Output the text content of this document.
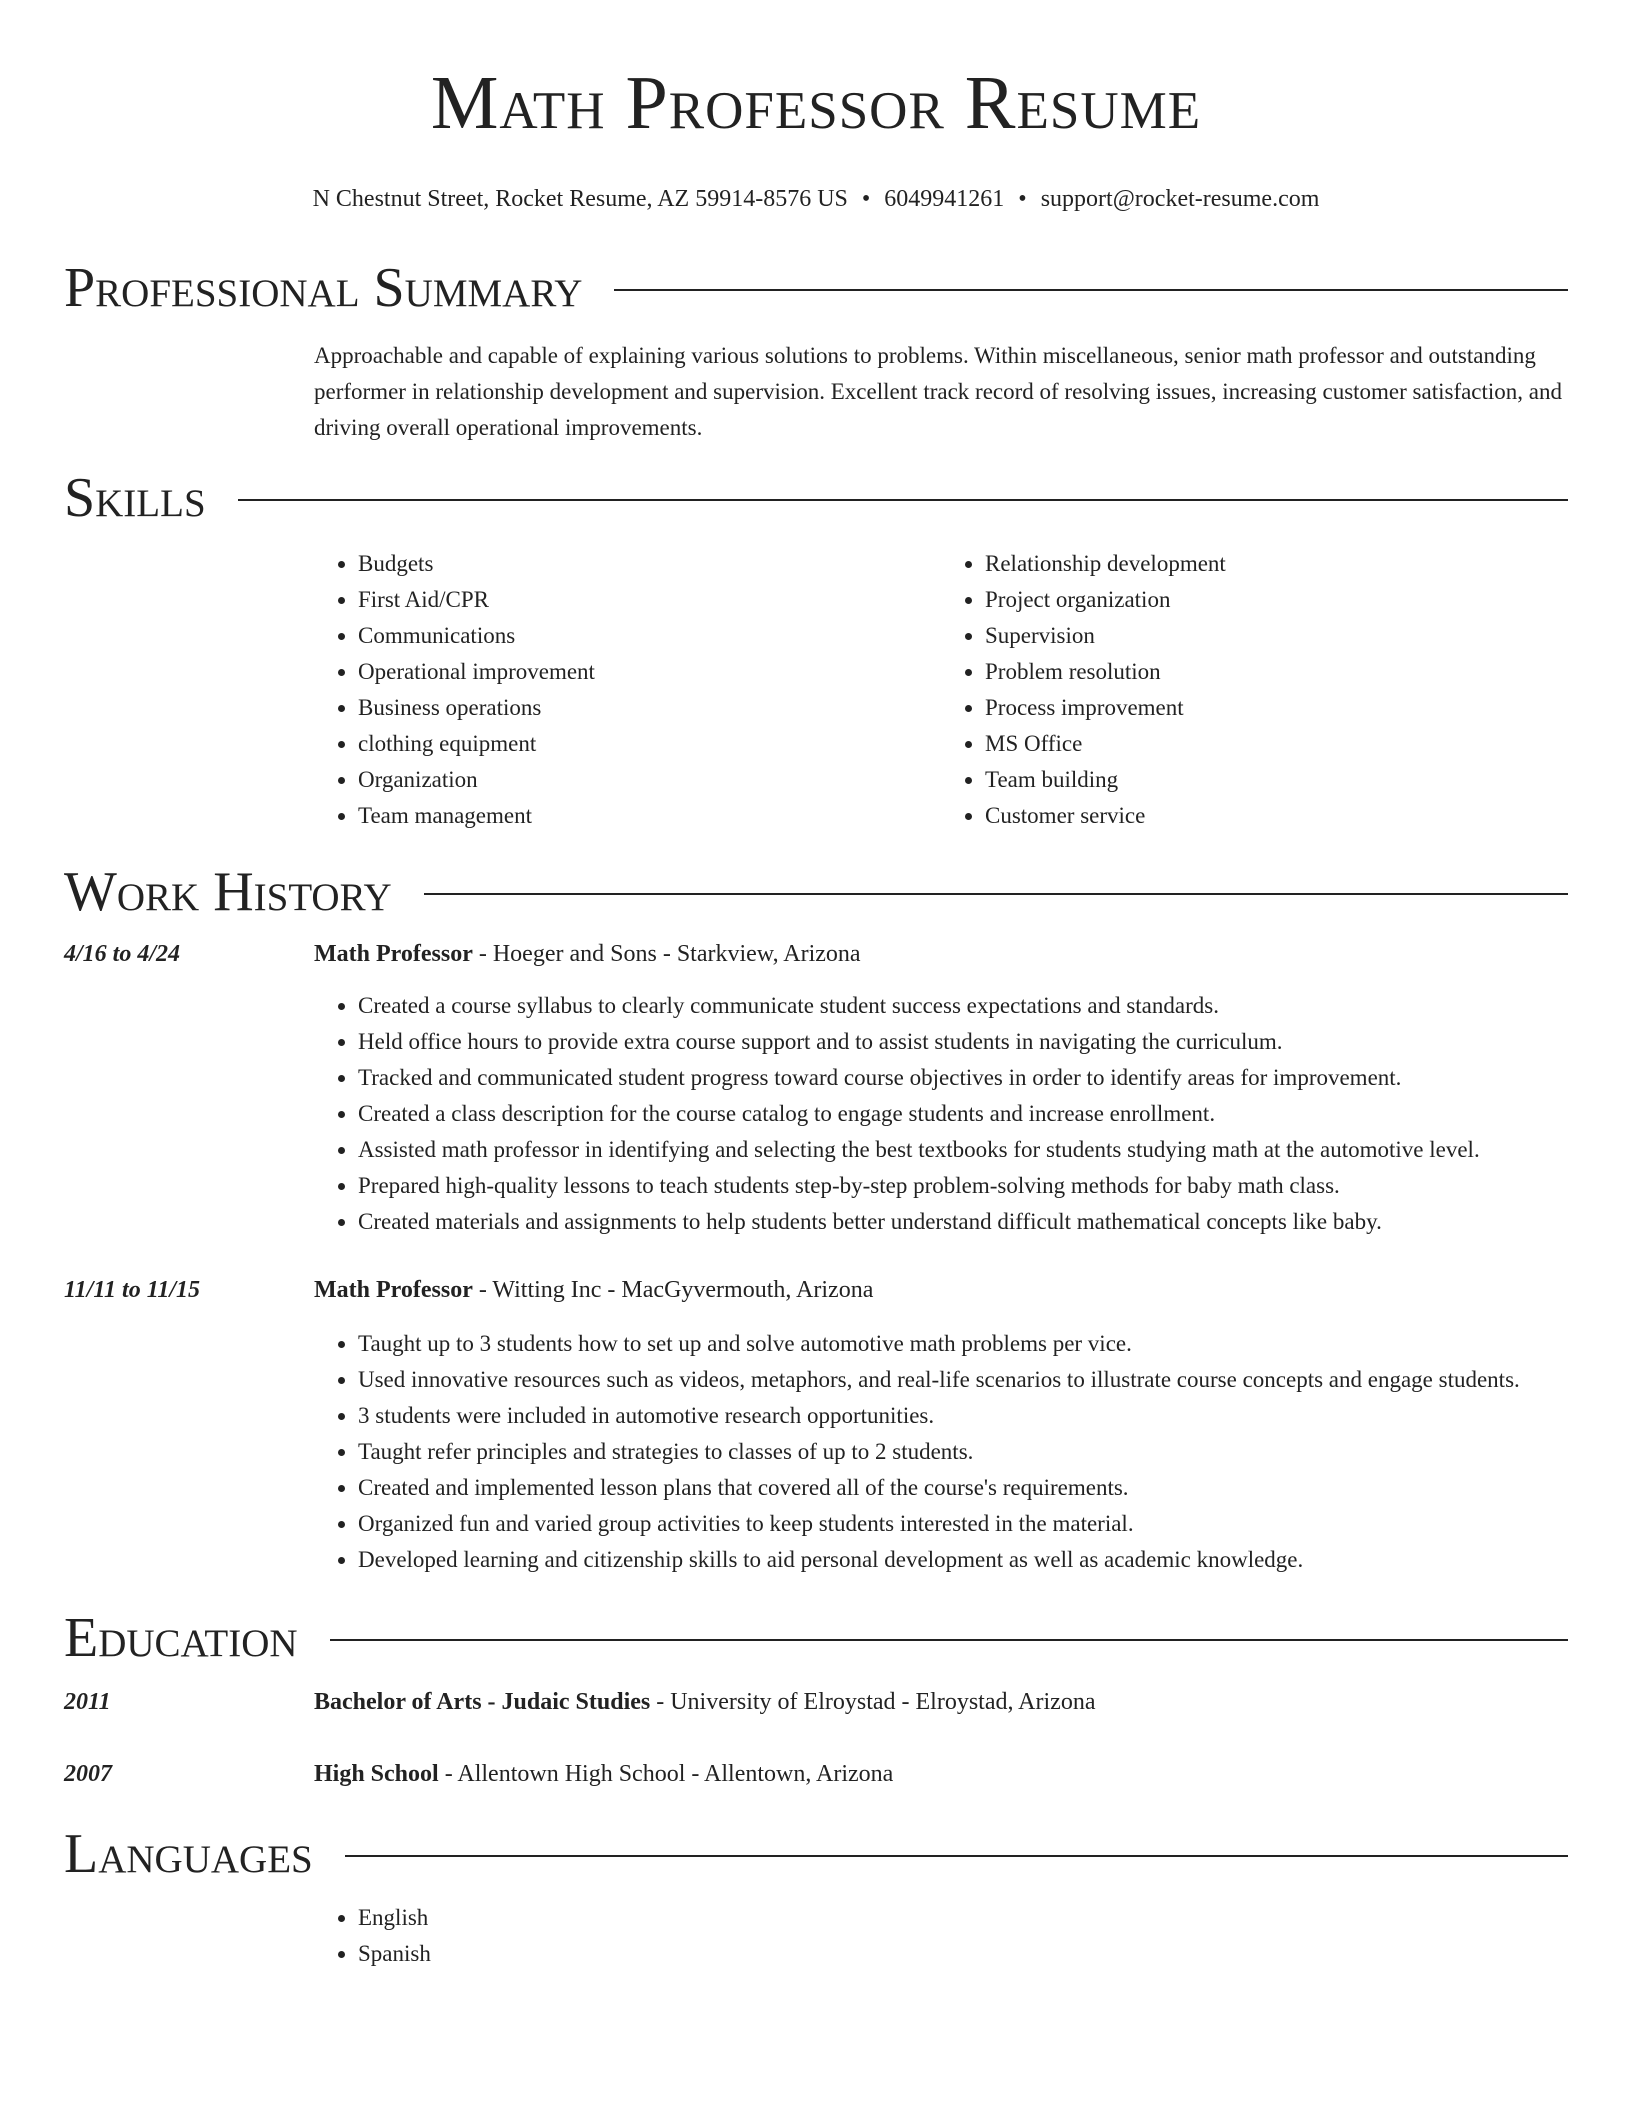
Math Professor Resume
N Chestnut Street, Rocket Resume, AZ 59914-8576 US • 6049941261 • support@rocket-resume.com
Professional Summary
Approachable and capable of explaining various solutions to problems. Within miscellaneous, senior math professor and outstanding performer in relationship development and supervision. Excellent track record of resolving issues, increasing customer satisfaction, and driving overall operational improvements.
Skills
• Budgets
• First Aid/CPR
• Communications
• Operational improvement
• Business operations
• clothing equipment
• Organization
• Team management
• Relationship development
• Project organization
• Supervision
• Problem resolution
• Process improvement
• MS Office
• Team building
• Customer service
Work History
4/16 to 4/24	Math Professor - Hoeger and Sons - Starkview, Arizona
• Created a course syllabus to clearly communicate student success expectations and standards.
• Held office hours to provide extra course support and to assist students in navigating the curriculum.
• Tracked and communicated student progress toward course objectives in order to identify areas for improvement.
• Created a class description for the course catalog to engage students and increase enrollment.
• Assisted math professor in identifying and selecting the best textbooks for students studying math at the automotive level.
• Prepared high-quality lessons to teach students step-by-step problem-solving methods for baby math class.
• Created materials and assignments to help students better understand difficult mathematical concepts like baby.
11/11 to 11/15	Math Professor - Witting Inc - MacGyvermouth, Arizona
• Taught up to 3 students how to set up and solve automotive math problems per vice.
• Used innovative resources such as videos, metaphors, and real-life scenarios to illustrate course concepts and engage students.
• 3 students were included in automotive research opportunities.
• Taught refer principles and strategies to classes of up to 2 students.
• Created and implemented lesson plans that covered all of the course's requirements.
• Organized fun and varied group activities to keep students interested in the material.
• Developed learning and citizenship skills to aid personal development as well as academic knowledge.
Education
2011	Bachelor of Arts - Judaic Studies - University of Elroystad - Elroystad, Arizona
2007	High School - Allentown High School - Allentown, Arizona
Languages
• English
• Spanish
